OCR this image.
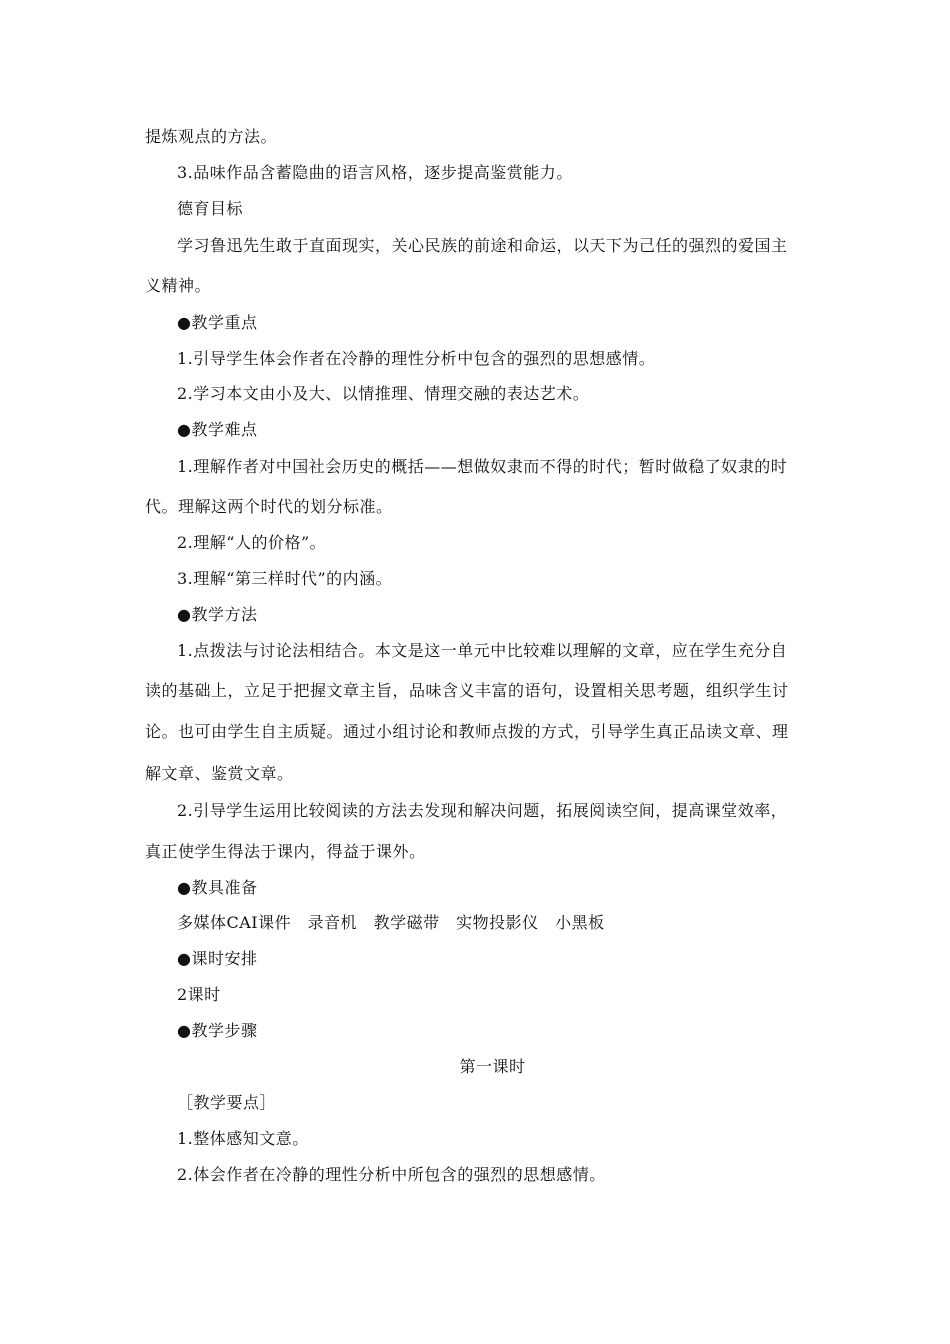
提炼观点的方法。
3.品味作品含蓄隐曲的语言风格，逐步提高鉴赏能力。
德育目标
学习鲁迅先生敢于直面现实，关心民族的前途和命运，以天下为己任的强烈的爱国主
义精神。
●教学重点
1.引导学生体会作者在冷静的理性分析中包含的强烈的思想感情。
2.学习本文由小及大、以情推理、情理交融的表达艺术。
●教学难点
1.理解作者对中国社会历史的概括——想做奴隶而不得的时代；暂时做稳了奴隶的时
代。理解这两个时代的划分标准。
2.理解“人的价格”。
3.理解“第三样时代”的内涵。
●教学方法
1.点拨法与讨论法相结合。本文是这一单元中比较难以理解的文章，应在学生充分自
读的基础上，立足于把握文章主旨，品味含义丰富的语句，设置相关思考题，组织学生讨
论。也可由学生自主质疑。通过小组讨论和教师点拨的方式，引导学生真正品读文章、理
解文章、鉴赏文章。
2.引导学生运用比较阅读的方法去发现和解决问题，拓展阅读空间，提高课堂效率，
真正使学生得法于课内，得益于课外。
●教具准备
多媒体CAI课件　录音机　教学磁带　实物投影仪　小黑板
●课时安排
2课时
●教学步骤
第一课时
［教学要点］
1.整体感知文意。
2.体会作者在冷静的理性分析中所包含的强烈的思想感情。
